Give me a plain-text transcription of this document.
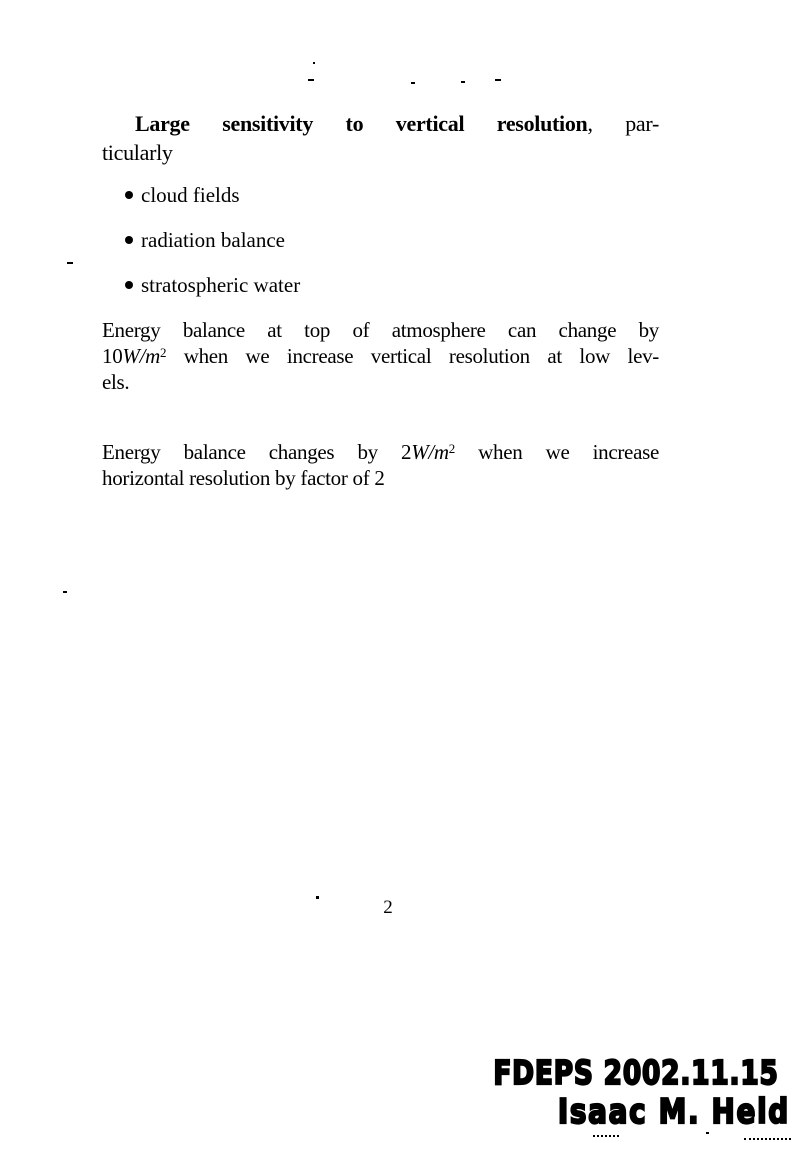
Large sensitivity to vertical resolution, par-
ticularly
cloud fields
radiation balance
stratospheric water
Energy balance at top of atmosphere can change by
$10W/m^2$ when we increase vertical resolution at low lev-
els.
Energy balance changes by $2W/m^2$ when we increase
horizontal resolution by factor of 2
2
FDEPS 2002.11.15
Isaac M. Held
